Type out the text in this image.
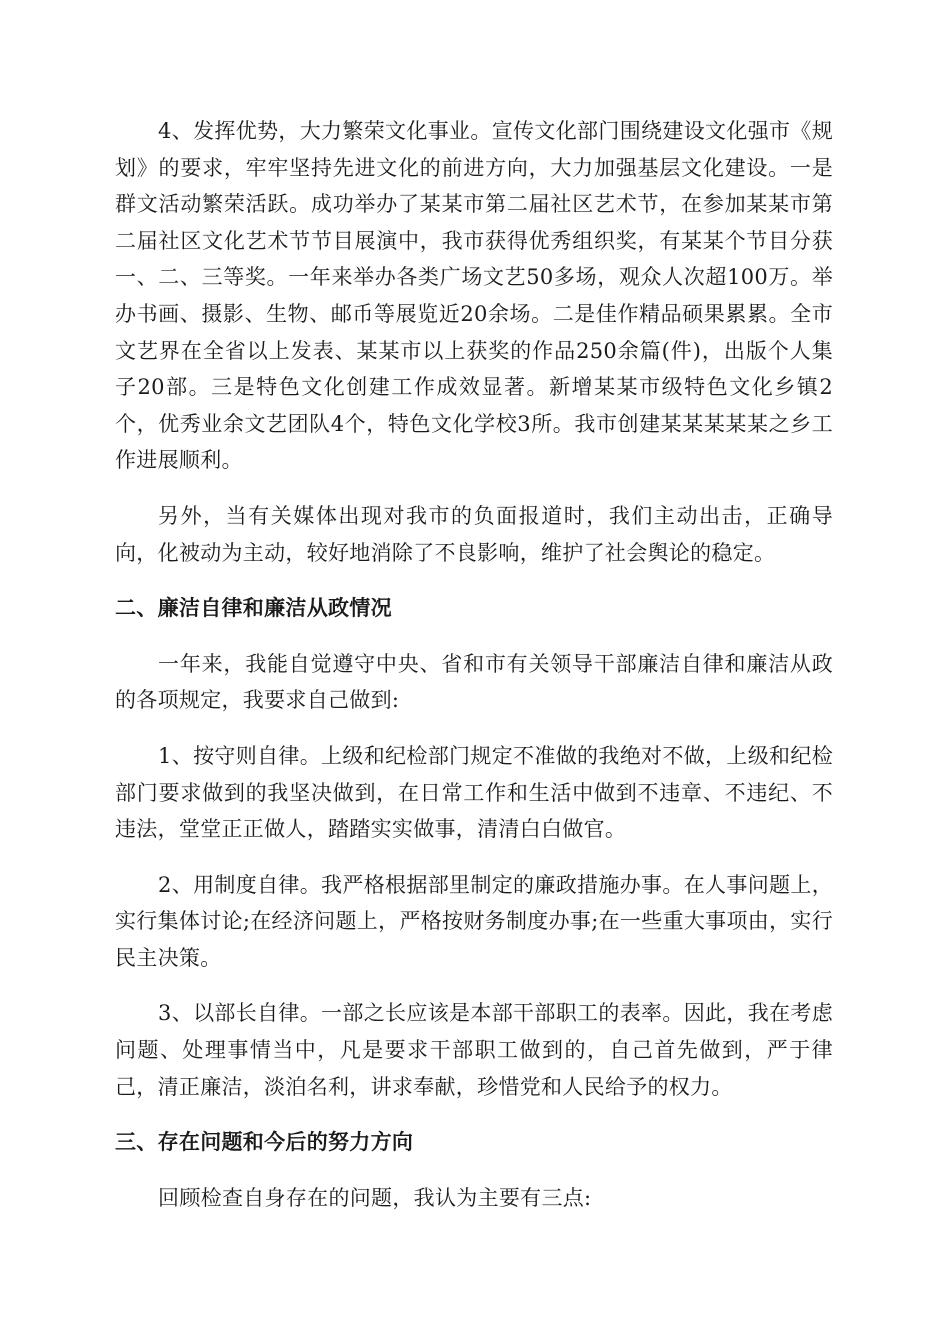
4、发挥优势，大力繁荣文化事业。宣传文化部门围绕建设文化强市《规划》的要求，牢牢坚持先进文化的前进方向，大力加强基层文化建设。一是群文活动繁荣活跃。成功举办了某某市第二届社区艺术节，在参加某某市第二届社区文化艺术节节目展演中，我市获得优秀组织奖，有某某个节目分获一、二、三等奖。一年来举办各类广场文艺50多场，观众人次超100万。举办书画、摄影、生物、邮币等展览近20余场。二是佳作精品硕果累累。全市文艺界在全省以上发表、某某市以上获奖的作品250余篇(件)，出版个人集子20部。三是特色文化创建工作成效显著。新增某某市级特色文化乡镇2个，优秀业余文艺团队4个，特色文化学校3所。我市创建某某某某某之乡工作进展顺利。

另外，当有关媒体出现对我市的负面报道时，我们主动出击，正确导向，化被动为主动，较好地消除了不良影响，维护了社会舆论的稳定。

二、廉洁自律和廉洁从政情况

一年来，我能自觉遵守中央、省和市有关领导干部廉洁自律和廉洁从政的各项规定，我要求自己做到:

1、按守则自律。上级和纪检部门规定不准做的我绝对不做，上级和纪检部门要求做到的我坚决做到，在日常工作和生活中做到不违章、不违纪、不违法，堂堂正正做人，踏踏实实做事，清清白白做官。

2、用制度自律。我严格根据部里制定的廉政措施办事。在人事问题上，实行集体讨论;在经济问题上，严格按财务制度办事;在一些重大事项由，实行民主决策。

3、以部长自律。一部之长应该是本部干部职工的表率。因此，我在考虑问题、处理事情当中，凡是要求干部职工做到的，自己首先做到，严于律己，清正廉洁，淡泊名利，讲求奉献，珍惜党和人民给予的权力。

三、存在问题和今后的努力方向

回顾检查自身存在的问题，我认为主要有三点:
